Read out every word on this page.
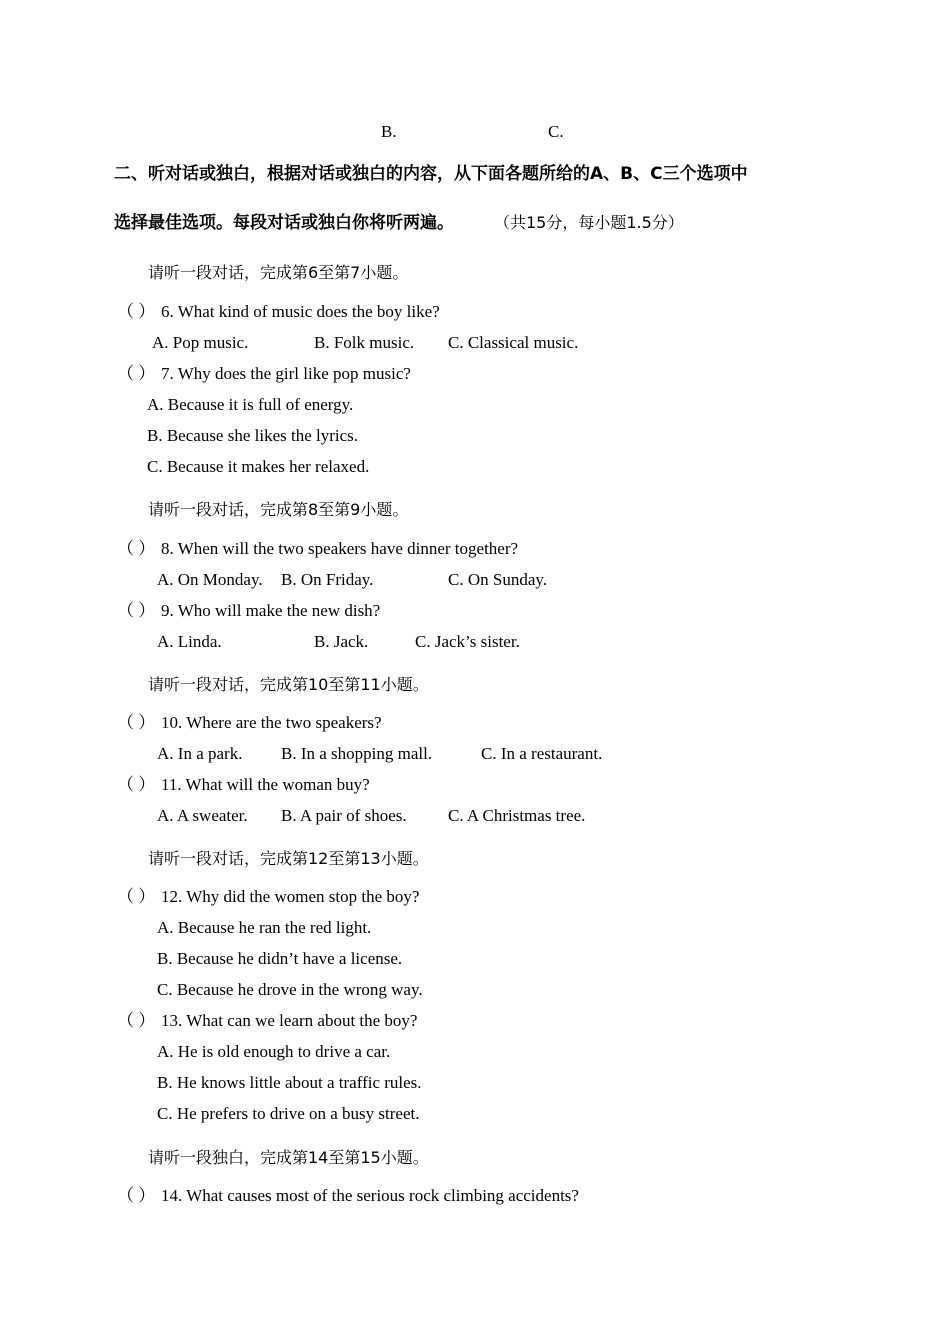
B.	C.
二、听对话或独白，根据对话或独白的内容，从下面各题所给的A、B、C三个选项中
选择最佳选项。每段对话或独白你将听两遍。	（共15分，每小题1.5分）
请听一段对话，完成第6至第7小题。
（ ） 6. What kind of music does the boy like?
A. Pop music.	B. Folk music. C. Classical music.
（ ） 7. Why does the girl like pop music?
A. Because it is full of energy.
B. Because she likes the lyrics.
C. Because it makes her relaxed.
请听一段对话，完成第8至第9小题。
（ ） 8. When will the two speakers have dinner together?
A. On Monday. B. On Friday.	C. On Sunday.
（ ） 9. Who will make the new dish?
A. Linda.	B. Jack.	C. Jack’s sister.
请听一段对话，完成第10至第11小题。
（ ） 10. Where are the two speakers?
A. In a park. B. In a shopping mall.	C. In a restaurant.
（ ） 11. What will the woman buy?
A. A sweater. B. A pair of shoes. C. A Christmas tree.
请听一段对话，完成第12至第13小题。
（ ） 12. Why did the women stop the boy?
A. Because he ran the red light.
B. Because he didn’t have a license.
C. Because he drove in the wrong way.
（ ） 13. What can we learn about the boy?
A. He is old enough to drive a car.
B. He knows little about a traffic rules.
C. He prefers to drive on a busy street.
请听一段独白，完成第14至第15小题。
（ ） 14. What causes most of the serious rock climbing accidents?
